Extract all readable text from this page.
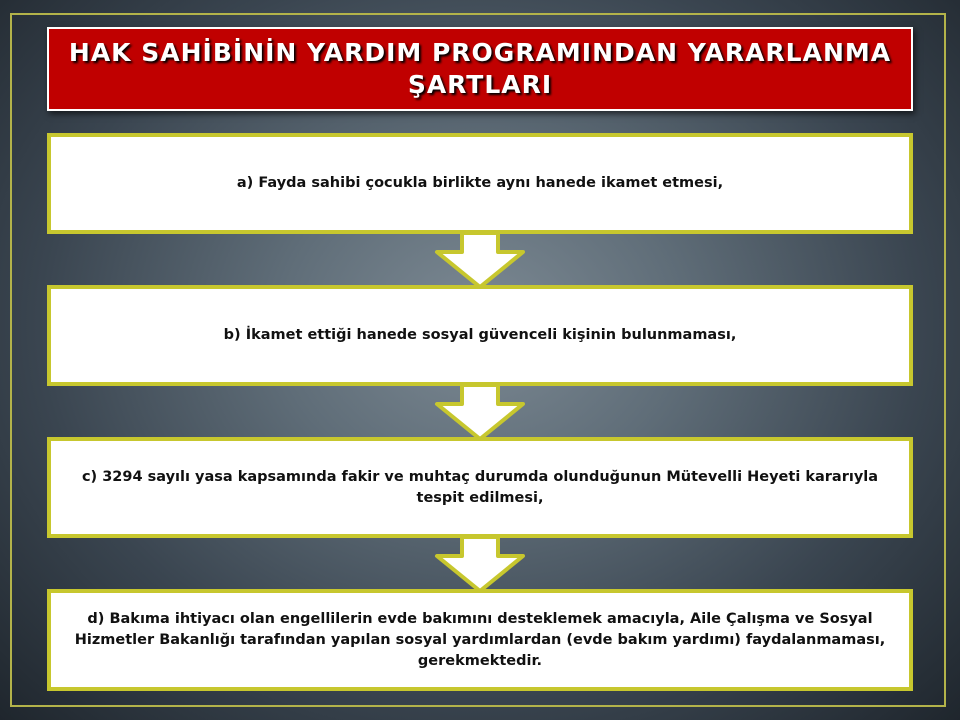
HAK SAHİBİNİN YARDIM PROGRAMINDAN YARARLANMA
ŞARTLARI
a) Fayda sahibi çocukla birlikte aynı hanede ikamet etmesi,
b) İkamet ettiği hanede sosyal güvenceli kişinin bulunmaması,
c) 3294 sayılı yasa kapsamında fakir ve muhtaç durumda olunduğunun Mütevelli Heyeti kararıyla tespit edilmesi,
d) Bakıma ihtiyacı olan engellilerin evde bakımını desteklemek amacıyla, Aile Çalışma ve Sosyal Hizmetler Bakanlığı tarafından yapılan sosyal yardımlardan (evde bakım yardımı) faydalanmaması, gerekmektedir.
